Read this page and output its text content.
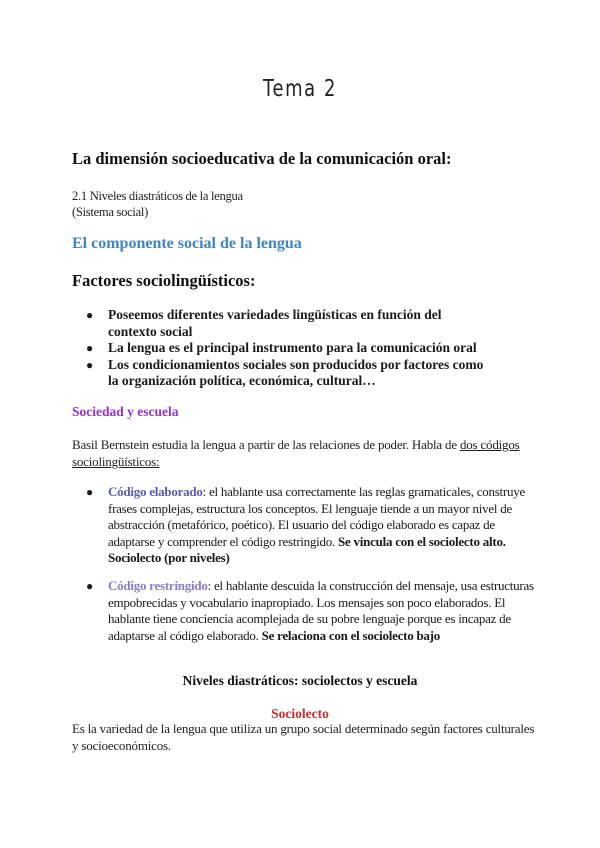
Tema 2
La dimensión socioeducativa de la comunicación oral:
2.1 Niveles diastráticos de la lengua
(Sistema social)
El componente social de la lengua
Factores sociolingüísticos:
● Poseemos diferentes variedades lingüísticas en función del
contexto social
● La lengua es el principal instrumento para la comunicación oral
● Los condicionamientos sociales son producidos por factores como
la organización política, económica, cultural…
Sociedad y escuela
Basil Bernstein estudia la lengua a partir de las relaciones de poder. Habla de dos códigos sociolingüísticos:
● Código elaborado: el hablante usa correctamente las reglas gramaticales, construye frases complejas, estructura los conceptos. El lenguaje tiende a un mayor nivel de abstracción (metafórico, poético). El usuario del código elaborado es capaz de adaptarse y comprender el código restringido. Se vincula con el sociolecto alto. Sociolecto (por niveles)
● Código restringido: el hablante descuida la construcción del mensaje, usa estructuras empobrecidas y vocabulario inapropiado. Los mensajes son poco elaborados. El hablante tiene conciencia acomplejada de su pobre lenguaje porque es incapaz de adaptarse al código elaborado. Se relaciona con el sociolecto bajo
Niveles diastráticos: sociolectos y escuela
Sociolecto
Es la variedad de la lengua que utiliza un grupo social determinado según factores culturales y socioeconómicos.
